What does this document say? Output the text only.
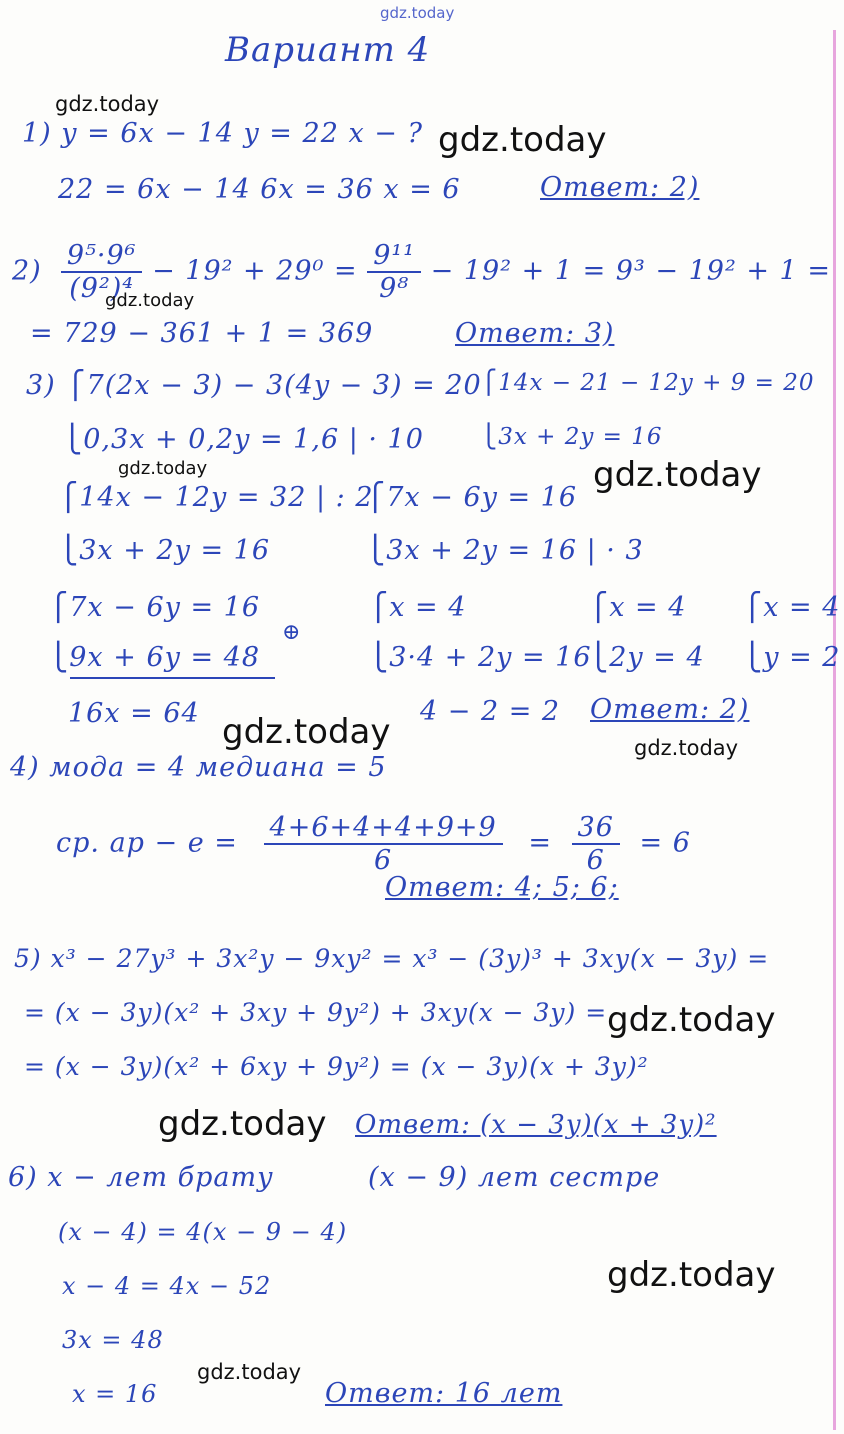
gdz.today
Вариант 4
1) y = 6x − 14 y = 22 x − ?
22 = 6x − 14 6x = 36 x = 6	Ответ: 2)
$2) \frac{\text{9⁵·9⁶}}{\text{(9²)⁴}} - 19^2 + 29^0 = \frac{\text{9¹¹}}{\text{9⁸}} - 19^2 + 1 = 9^3 - 19^2 + 1$ =
= 729 − 361 + 1 = 369	Ответ: 3)
3) ⎧7(2x − 3) − 3(4y − 3) = 20
⎩0,3x + 0,2y = 1,6 | · 10
⎧14x − 21 − 12y + 9 = 20
⎩3x + 2y = 16
⎧14x − 12y = 32 | : 2
⎩3x + 2y = 16
⎧7x − 6y = 16
⎩3x + 2y = 16 | · 3
⎧7x − 6y = 16
⎩9x + 6y = 48
⊕
⎧x = 4
⎩3·4 + 2y = 16
⎧x = 4
⎩2y = 4
⎧x = 4
⎩y = 2
16x = 64	4 − 2 = 2 Ответ: 2)
4) мода = 4 медиана = 5
ср. ар − $е = \frac{4+6+4+4+9+9}{6} = \frac{36}{6} = 6$
Ответ: 4; 5; 6;
5) x³ − 27y³ + 3x²y − 9xy² = x³ − (3y)³ + 3xy(x − 3y) =
= (x − 3y)(x² + 3xy + 9y²) + 3xy(x − 3y) =
= (x − 3y)(x² + 6xy + 9y²) = (x − 3y)(x + 3y)²
Ответ: (x − 3y)(x + 3y)²
6) x − лет брату	(x − 9) лет сестре
(x − 4) = 4(x − 9 − 4)
x − 4 = 4x − 52
3x = 48
x = 16	Ответ: 16 лет
gdz.today
gdz.today
gdz.today
gdz.today	gdz.today
gdz.today	gdz.today
gdz.today
gdz.today
gdz.today
gdz.today
